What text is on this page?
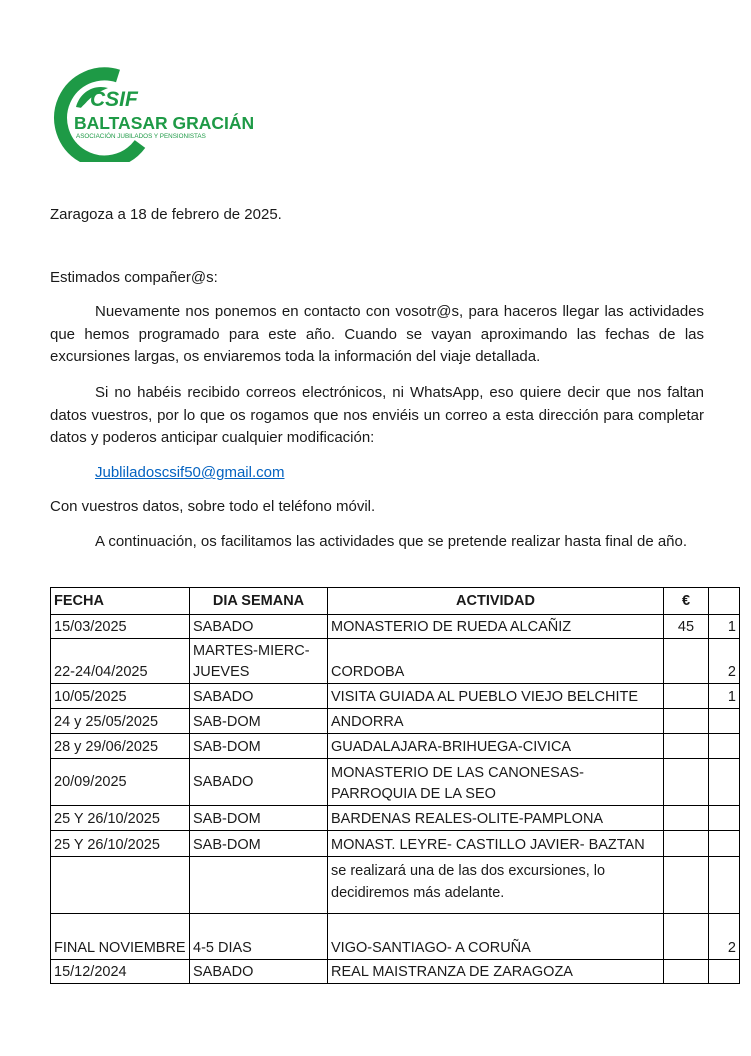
CSIF
BALTASAR GRACIÁN
ASOCIACIÓN JUBILADOS Y PENSIONISTAS

Zaragoza a 18 de febrero de 2025.

Estimados compañer@s:

Nuevamente nos ponemos en contacto con vosotr@s, para haceros llegar las actividades que hemos programado para este año. Cuando se vayan aproximando las fechas de las excursiones largas, os enviaremos toda la información del viaje detallada.

Si no habéis recibido correos electrónicos, ni WhatsApp, eso quiere decir que nos faltan datos vuestros, por lo que os rogamos que nos enviéis un correo a esta dirección para completar datos y poderos anticipar cualquier modificación:

Jubliladoscsif50@gmail.com

Con vuestros datos, sobre todo el teléfono móvil.

A continuación, os facilitamos las actividades que se pretende realizar hasta final de año.

FECHA	DIA SEMANA	ACTIVIDAD	€	
15/03/2025	SABADO	MONASTERIO DE RUEDA ALCAÑIZ	45	1
22-24/04/2025	MARTES-MIERC-JUEVES	CORDOBA		2
10/05/2025	SABADO	VISITA GUIADA AL PUEBLO VIEJO BELCHITE		1
24 y 25/05/2025	SAB-DOM	ANDORRA		
28 y 29/06/2025	SAB-DOM	GUADALAJARA-BRIHUEGA-CIVICA		
20/09/2025	SABADO	MONASTERIO DE LAS CANONESAS-PARROQUIA DE LA SEO		
25 Y 26/10/2025	SAB-DOM	BARDENAS REALES-OLITE-PAMPLONA		
25 Y 26/10/2025	SAB-DOM	MONAST. LEYRE- CASTILLO JAVIER- BAZTAN		
		se realizará una de las dos excursiones, lo decidiremos más adelante.		
FINAL NOVIEMBRE	4-5 DIAS	VIGO-SANTIAGO- A CORUÑA		2
15/12/2024	SABADO	REAL MAISTRANZA DE ZARAGOZA		
